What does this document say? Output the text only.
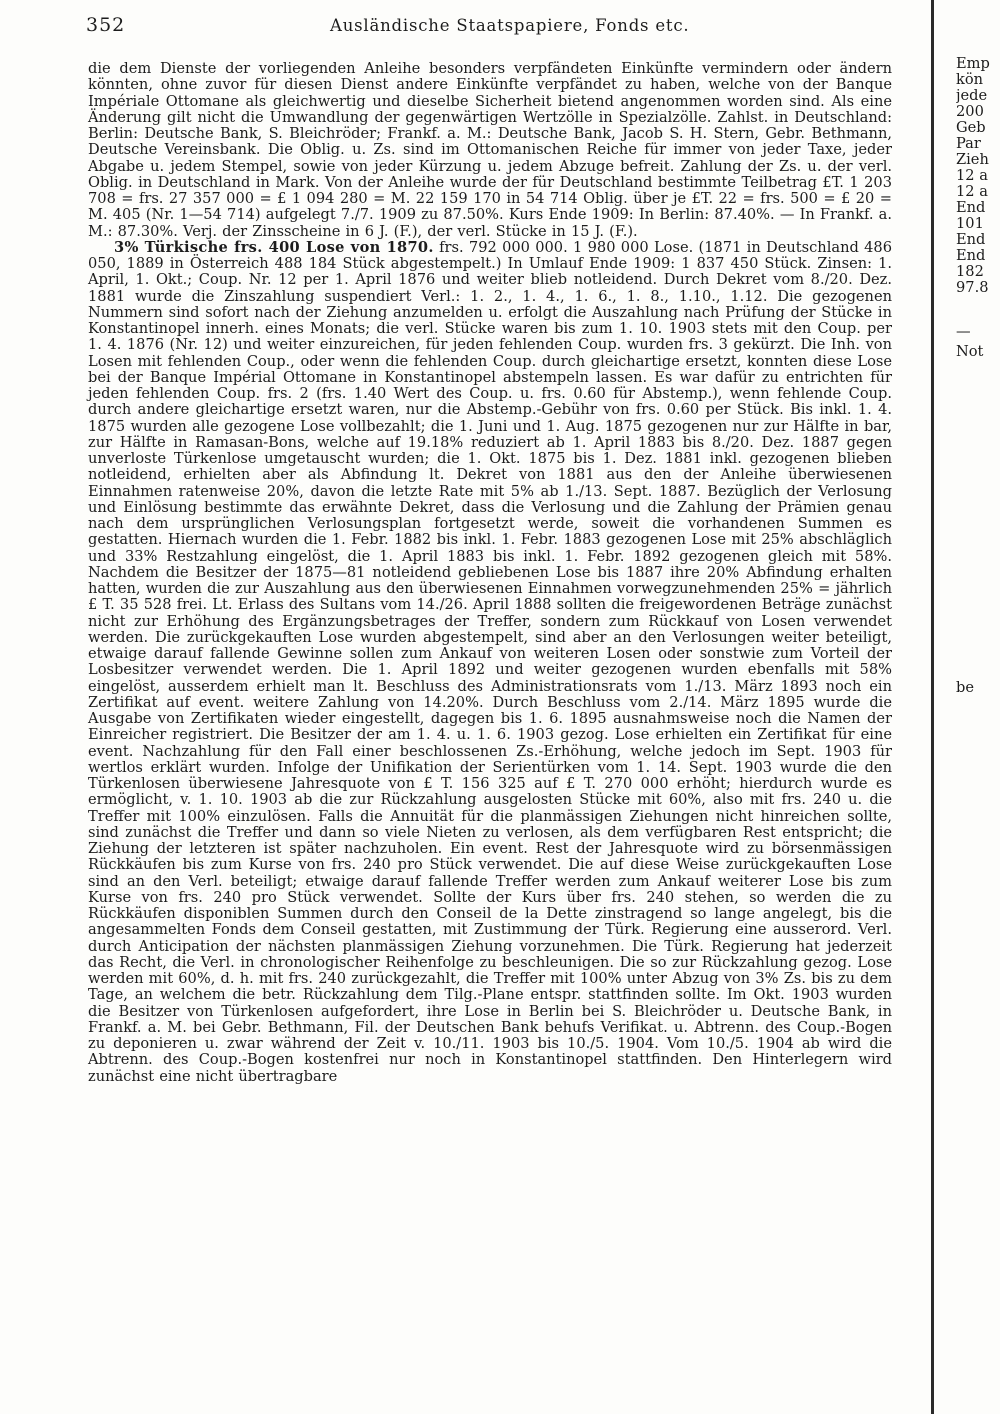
352	Ausländische Staatspapiere, Fonds etc.

die dem Dienste der vorliegenden Anleihe besonders verpfändeten Einkünfte vermindern oder ändern könnten, ohne zuvor für diesen Dienst andere Einkünfte verpfändet zu haben, welche von der Banque Impériale Ottomane als gleichwertig und dieselbe Sicherheit bietend angenommen worden sind. Als eine Änderung gilt nicht die Umwandlung der gegenwärtigen Wertzölle in Spezialzölle. Zahlst. in Deutschland: Berlin: Deutsche Bank, S. Bleichröder; Frankf. a. M.: Deutsche Bank, Jacob S. H. Stern, Gebr. Bethmann, Deutsche Vereinsbank. Die Oblig. u. Zs. sind im Ottomanischen Reiche für immer von jeder Taxe, jeder Abgabe u. jedem Stempel, sowie von jeder Kürzung u. jedem Abzuge befreit. Zahlung der Zs. u. der verl. Oblig. in Deutschland in Mark. Von der Anleihe wurde der für Deutschland bestimmte Teilbetrag £T. 1 203 708 = frs. 27 357 000 = £ 1 094 280 = M. 22 159 170 in 54 714 Oblig. über je £T. 22 = frs. 500 = £ 20 = M. 405 (Nr. 1—54 714) aufgelegt 7./7. 1909 zu 87.50%. Kurs Ende 1909: In Berlin: 87.40%. — In Frankf. a. M.: 87.30%. Verj. der Zinsscheine in 6 J. (F.), der verl. Stücke in 15 J. (F.).

3% Türkische frs. 400 Lose von 1870. frs. 792 000 000. 1 980 000 Lose. (1871 in Deutschland 486 050, 1889 in Österreich 488 184 Stück abgestempelt.) In Umlauf Ende 1909: 1 837 450 Stück. Zinsen: 1. April, 1. Okt.; Coup. Nr. 12 per 1. April 1876 und weiter blieb notleidend. Durch Dekret vom 8./20. Dez. 1881 wurde die Zinszahlung suspendiert Verl.: 1. 2., 1. 4., 1. 6., 1. 8., 1.10., 1.12. Die gezogenen Nummern sind sofort nach der Ziehung anzumelden u. erfolgt die Auszahlung nach Prüfung der Stücke in Konstantinopel innerh. eines Monats; die verl. Stücke waren bis zum 1. 10. 1903 stets mit den Coup. per 1. 4. 1876 (Nr. 12) und weiter einzureichen, für jeden fehlenden Coup. wurden frs. 3 gekürzt. Die Inh. von Losen mit fehlenden Coup., oder wenn die fehlenden Coup. durch gleichartige ersetzt, konnten diese Lose bei der Banque Impérial Ottomane in Konstantinopel abstempeln lassen. Es war dafür zu entrichten für jeden fehlenden Coup. frs. 2 (frs. 1.40 Wert des Coup. u. frs. 0.60 für Abstemp.), wenn fehlende Coup. durch andere gleichartige ersetzt waren, nur die Abstemp.-Gebühr von frs. 0.60 per Stück. Bis inkl. 1. 4. 1875 wurden alle gezogene Lose vollbezahlt; die 1. Juni und 1. Aug. 1875 gezogenen nur zur Hälfte in bar, zur Hälfte in Ramasan-Bons, welche auf 19.18% reduziert ab 1. April 1883 bis 8./20. Dez. 1887 gegen unverloste Türkenlose umgetauscht wurden; die 1. Okt. 1875 bis 1. Dez. 1881 inkl. gezogenen blieben notleidend, erhielten aber als Abfindung lt. Dekret von 1881 aus den der Anleihe überwiesenen Einnahmen ratenweise 20%, davon die letzte Rate mit 5% ab 1./13. Sept. 1887. Bezüglich der Verlosung und Einlösung bestimmte das erwähnte Dekret, dass die Verlosung und die Zahlung der Prämien genau nach dem ursprünglichen Verlosungsplan fortgesetzt werde, soweit die vorhandenen Summen es gestatten. Hiernach wurden die 1. Febr. 1882 bis inkl. 1. Febr. 1883 gezogenen Lose mit 25% abschläglich und 33% Restzahlung eingelöst, die 1. April 1883 bis inkl. 1. Febr. 1892 gezogenen gleich mit 58%. Nachdem die Besitzer der 1875—81 notleidend gebliebenen Lose bis 1887 ihre 20% Abfindung erhalten hatten, wurden die zur Auszahlung aus den überwiesenen Einnahmen vorwegzunehmenden 25% = jährlich £ T. 35 528 frei. Lt. Erlass des Sultans vom 14./26. April 1888 sollten die freigewordenen Beträge zunächst nicht zur Erhöhung des Ergänzungsbetrages der Treffer, sondern zum Rückkauf von Losen verwendet werden. Die zurückgekauften Lose wurden abgestempelt, sind aber an den Verlosungen weiter beteiligt, etwaige darauf fallende Gewinne sollen zum Ankauf von weiteren Losen oder sonstwie zum Vorteil der Losbesitzer verwendet werden. Die 1. April 1892 und weiter gezogenen wurden ebenfalls mit 58% eingelöst, ausserdem erhielt man lt. Beschluss des Administrationsrats vom 1./13. März 1893 noch ein Zertifikat auf event. weitere Zahlung von 14.20%. Durch Beschluss vom 2./14. März 1895 wurde die Ausgabe von Zertifikaten wieder eingestellt, dagegen bis 1. 6. 1895 ausnahmsweise noch die Namen der Einreicher registriert. Die Besitzer der am 1. 4. u. 1. 6. 1903 gezog. Lose erhielten ein Zertifikat für eine event. Nachzahlung für den Fall einer beschlossenen Zs.-Erhöhung, welche jedoch im Sept. 1903 für wertlos erklärt wurden. Infolge der Unifikation der Serientürken vom 1. 14. Sept. 1903 wurde die den Türkenlosen überwiesene Jahresquote von £ T. 156 325 auf £ T. 270 000 erhöht; hierdurch wurde es ermöglicht, v. 1. 10. 1903 ab die zur Rückzahlung ausgelosten Stücke mit 60%, also mit frs. 240 u. die Treffer mit 100% einzulösen. Falls die Annuität für die planmässigen Ziehungen nicht hinreichen sollte, sind zunächst die Treffer und dann so viele Nieten zu verlosen, als dem verfügbaren Rest entspricht; die Ziehung der letzteren ist später nachzuholen. Ein event. Rest der Jahresquote wird zu börsenmässigen Rückkäufen bis zum Kurse von frs. 240 pro Stück verwendet. Die auf diese Weise zurückgekauften Lose sind an den Verl. beteiligt; etwaige darauf fallende Treffer werden zum Ankauf weiterer Lose bis zum Kurse von frs. 240 pro Stück verwendet. Sollte der Kurs über frs. 240 stehen, so werden die zu Rückkäufen disponiblen Summen durch den Conseil de la Dette zinstragend so lange angelegt, bis die angesammelten Fonds dem Conseil gestatten, mit Zustimmung der Türk. Regierung eine ausserord. Verl. durch Anticipation der nächsten planmässigen Ziehung vorzunehmen. Die Türk. Regierung hat jederzeit das Recht, die Verl. in chronologischer Reihenfolge zu beschleunigen. Die so zur Rückzahlung gezog. Lose werden mit 60%, d. h. mit frs. 240 zurückgezahlt, die Treffer mit 100% unter Abzug von 3% Zs. bis zu dem Tage, an welchem die betr. Rückzahlung dem Tilg.-Plane entspr. stattfinden sollte. Im Okt. 1903 wurden die Besitzer von Türkenlosen aufgefordert, ihre Lose in Berlin bei S. Bleichröder u. Deutsche Bank, in Frankf. a. M. bei Gebr. Bethmann, Fil. der Deutschen Bank behufs Verifikat. u. Abtrenn. des Coup.-Bogen zu deponieren u. zwar während der Zeit v. 10./11. 1903 bis 10./5. 1904. Vom 10./5. 1904 ab wird die Abtrenn. des Coup.-Bogen kostenfrei nur noch in Konstantinopel stattfinden. Den Hinterlegern wird zunächst eine nicht übertragbare

Emp
kön
jede
200
Geb
Par
Zieh
12 a
12 a
End
101
End
End
182
97.8
—
Not
be
